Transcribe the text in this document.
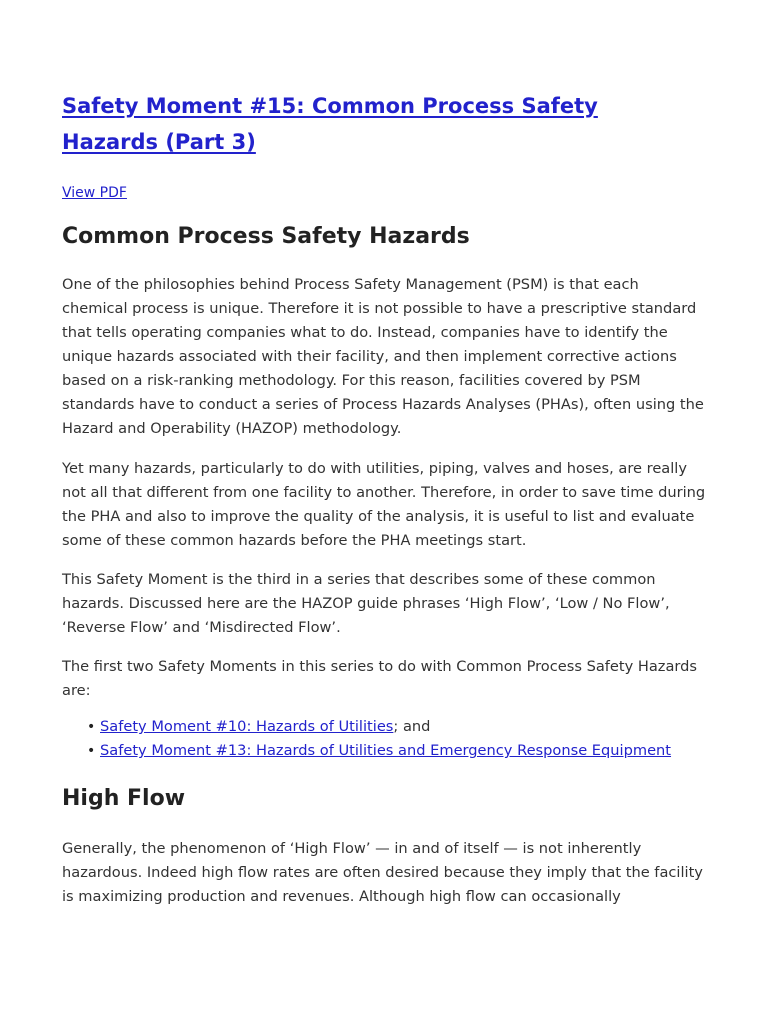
Safety Moment #15: Common Process Safety Hazards (Part 3)
View PDF
Common Process Safety Hazards

One of the philosophies behind Process Safety Management (PSM) is that each chemical process is unique. Therefore it is not possible to have a prescriptive standard that tells operating companies what to do. Instead, companies have to identify the unique hazards associated with their facility, and then implement corrective actions based on a risk-ranking methodology. For this reason, facilities covered by PSM standards have to conduct a series of Process Hazards Analyses (PHAs), often using the Hazard and Operability (HAZOP) methodology.

Yet many hazards, particularly to do with utilities, piping, valves and hoses, are really not all that different from one facility to another. Therefore, in order to save time during the PHA and also to improve the quality of the analysis, it is useful to list and evaluate some of these common hazards before the PHA meetings start.

This Safety Moment is the third in a series that describes some of these common hazards. Discussed here are the HAZOP guide phrases ‘High Flow’, ‘Low / No Flow’, ‘Reverse Flow’ and ‘Misdirected Flow’.

The first two Safety Moments in this series to do with Common Process Safety Hazards are:

• Safety Moment #10: Hazards of Utilities; and
• Safety Moment #13: Hazards of Utilities and Emergency Response Equipment
High Flow

Generally, the phenomenon of ‘High Flow’ — in and of itself — is not inherently hazardous. Indeed high flow rates are often desired because they imply that the facility is maximizing production and revenues. Although high flow can occasionally
